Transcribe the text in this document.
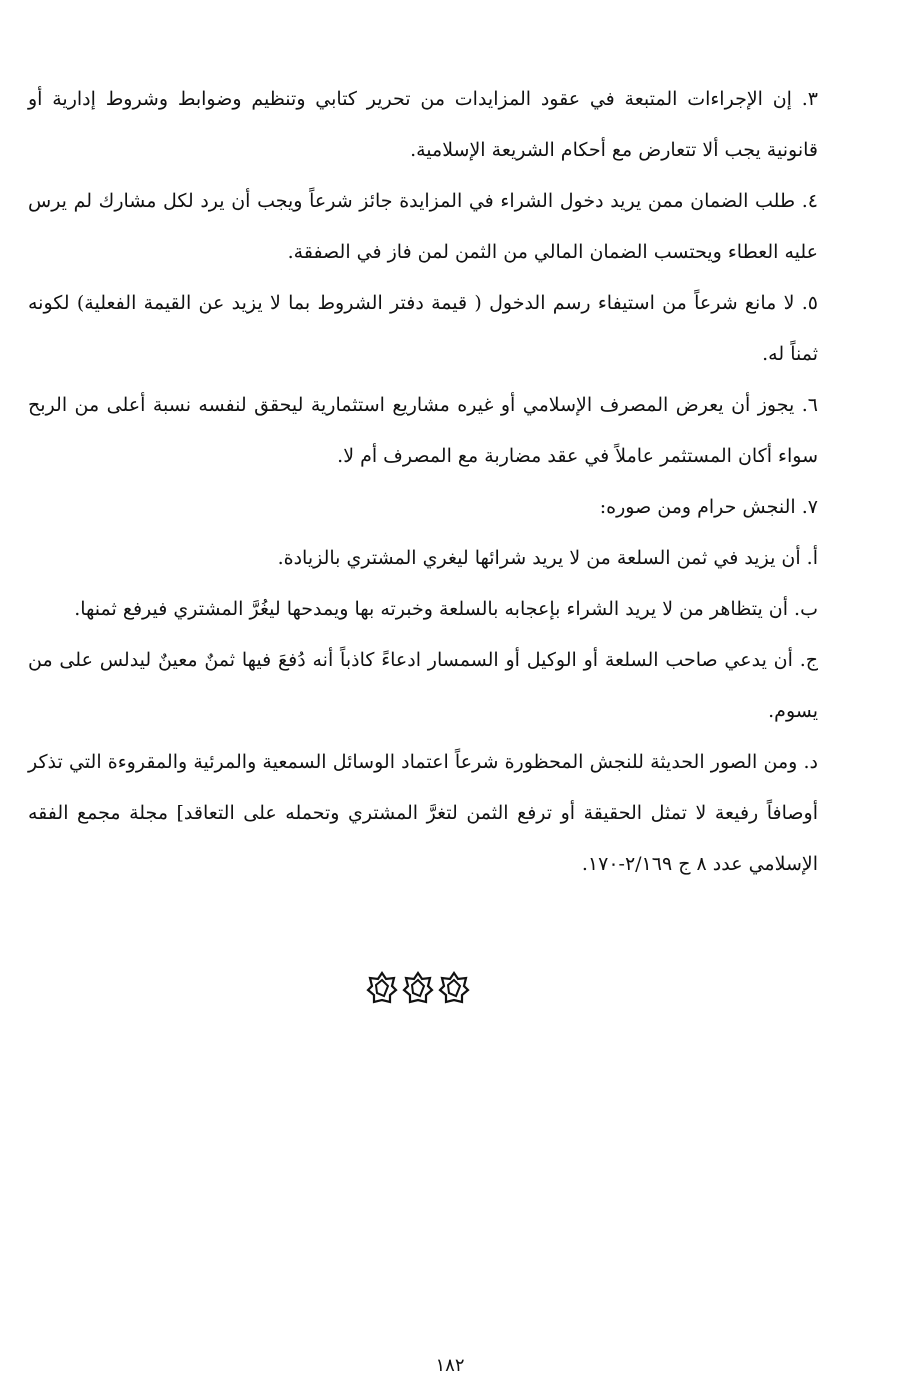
٣. إن الإجراءات المتبعة في عقود المزايدات من تحرير كتابي وتنظيم وضوابط وشروط إدارية أو قانونية يجب ألا تتعارض مع أحكام الشريعة الإسلامية.

٤. طلب الضمان ممن يريد دخول الشراء في المزايدة جائز شرعاً ويجب أن يرد لكل مشارك لم يرس عليه العطاء ويحتسب الضمان المالي من الثمن لمن فاز في الصفقة.

٥. لا مانع شرعاً من استيفاء رسم الدخول ( قيمة دفتر الشروط بما لا يزيد عن القيمة الفعلية) لكونه ثمناً له.

٦. يجوز أن يعرض المصرف الإسلامي أو غيره مشاريع استثمارية ليحقق لنفسه نسبة أعلى من الربح سواء أكان المستثمر عاملاً في عقد مضاربة مع المصرف أم لا.

٧. النجش حرام ومن صوره:

أ. أن يزيد في ثمن السلعة من لا يريد شرائها ليغري المشتري بالزيادة.

ب. أن يتظاهر من لا يريد الشراء بإعجابه بالسلعة وخبرته بها ويمدحها ليغُرَّ المشتري فيرفع ثمنها.

ج. أن يدعي صاحب السلعة أو الوكيل أو السمسار ادعاءً كاذباً أنه دُفعَ فيها ثمنٌ معينٌ ليدلس على من يسوم.

د. ومن الصور الحديثة للنجش المحظورة شرعاً اعتماد الوسائل السمعية والمرئية والمقروءة التي تذكر أوصافاً رفيعة لا تمثل الحقيقة أو ترفع الثمن لتغرَّ المشتري وتحمله على التعاقد] مجلة مجمع الفقه الإسلامي عدد ٨ ج ٢/١٦٩-١٧٠.

١٨٢
